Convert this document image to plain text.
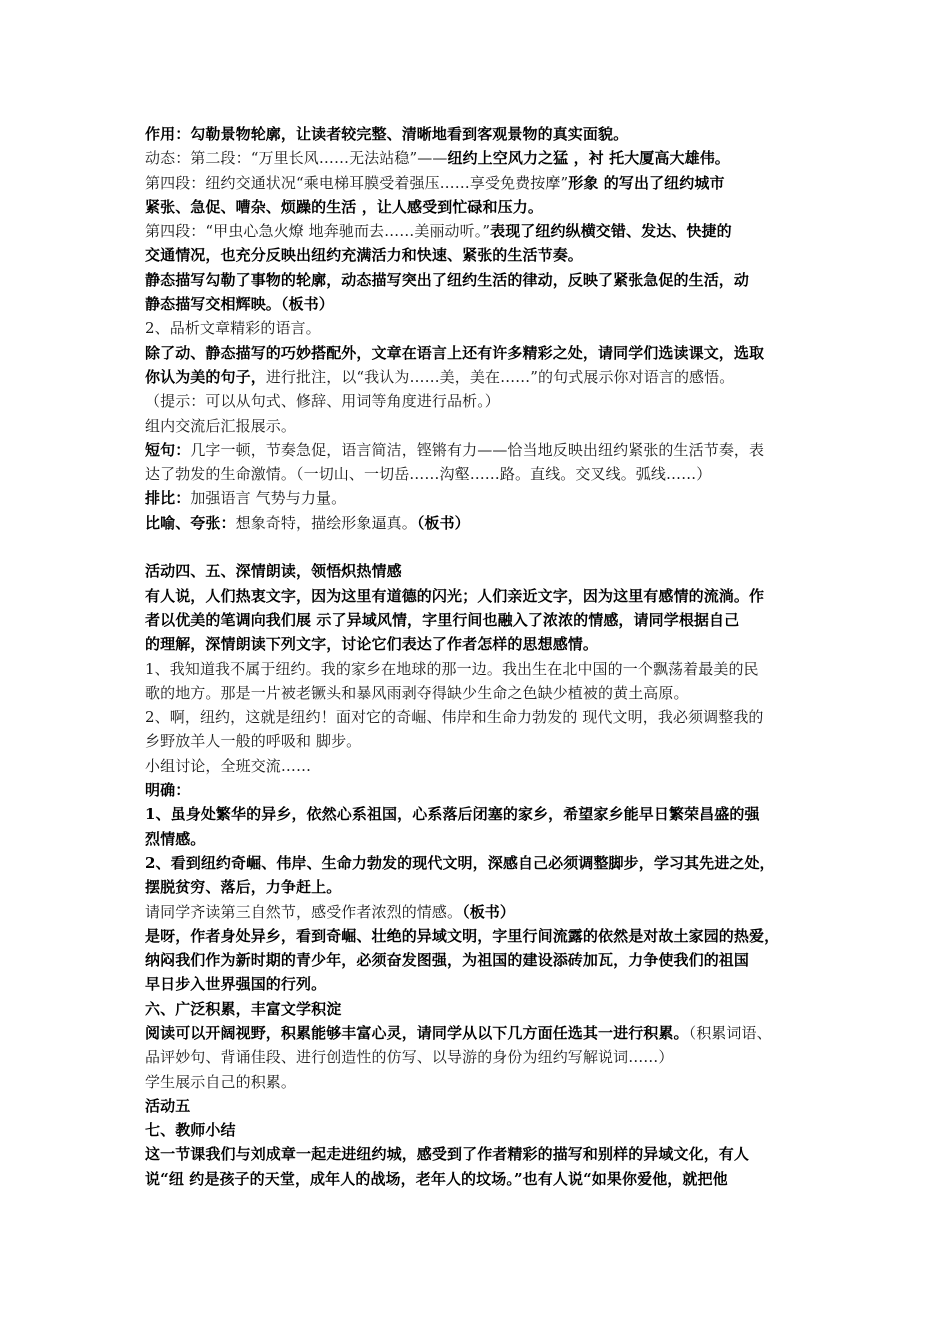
作用：勾勒景物轮廓，让读者较完整、清晰地看到客观景物的真实面貌。
动态：第二段：“万里长风……无法站稳”——纽约上空风力之猛 ，衬 托大厦高大雄伟。
第四段：纽约交通状况“乘电梯耳膜受着强压……享受免费按摩”形象 的写出了纽约城市
紧张、急促、嘈杂、烦躁的生活 ，让人感受到忙碌和压力。
第四段：“甲虫心急火燎 地奔驰而去……美丽动听。”表现了纽约纵横交错、发达、快捷的
交通情况，也充分反映出纽约充满活力和快速、紧张的生活节奏。
静态描写勾勒了事物的轮廓，动态描写突出了纽约生活的律动，反映了紧张急促的生活，动
静态描写交相辉映。（板书）
2、品析文章精彩的语言。
除了动、静态描写的巧妙搭配外，文章在语言上还有许多精彩之处，请同学们选读课文，选取
你认为美的句子，进行批注，以“我认为……美，美在……”的句式展示你对语言的感悟。
（提示：可以从句式、修辞、用词等角度进行品析。）
组内交流后汇报展示。
短句：几字一顿，节奏急促，语言简洁，铿锵有力——恰当地反映出纽约紧张的生活节奏，表
达了勃发的生命激情。（一切山、一切岳……沟壑……路。直线。交叉线。弧线……）
排比：加强语言 气势与力量。
比喻、夸张：想象奇特，描绘形象逼真。（板书）
活动四、五、深情朗读，领悟炽热情感
有人说，人们热衷文字，因为这里有道德的闪光；人们亲近文字，因为这里有感情的流淌。作
者以优美的笔调向我们展 示了异域风情，字里行间也融入了浓浓的情感，请同学根据自己
的理解，深情朗读下列文字，讨论它们表达了作者怎样的思想感情。
1、我知道我不属于纽约。我的家乡在地球的那一边。我出生在北中国的一个飘荡着最美的民
歌的地方。那是一片被老镢头和暴风雨剥夺得缺少生命之色缺少植被的黄土高原。
2、啊，纽约，这就是纽约！面对它的奇崛、伟岸和生命力勃发的 现代文明，我必须调整我的
乡野放羊人一般的呼吸和 脚步。
小组讨论，全班交流……
明确：
1、虽身处繁华的异乡，依然心系祖国，心系落后闭塞的家乡，希望家乡能早日繁荣昌盛的强
烈情感。
2、看到纽约奇崛、伟岸、生命力勃发的现代文明，深感自己必须调整脚步，学习其先进之处，
摆脱贫穷、落后，力争赶上。
请同学齐读第三自然节，感受作者浓烈的情感。（板书）
是呀，作者身处异乡，看到奇崛、壮绝的异域文明，字里行间流露的依然是对故土家园的热爱，
纳闷我们作为新时期的青少年，必须奋发图强，为祖国的建设添砖加瓦，力争使我们的祖国
早日步入世界强国的行列。
六、广泛积累，丰富文学积淀
阅读可以开阔视野，积累能够丰富心灵，请同学从以下几方面任选其一进行积累。（积累词语、
品评妙句、背诵佳段、进行创造性的仿写、以导游的身份为纽约写解说词……）
学生展示自己的积累。
活动五
七、教师小结
这一节课我们与刘成章一起走进纽约城，感受到了作者精彩的描写和别样的异域文化，有人
说“纽 约是孩子的天堂，成年人的战场，老年人的坟场。”也有人说“如果你爱他，就把他
